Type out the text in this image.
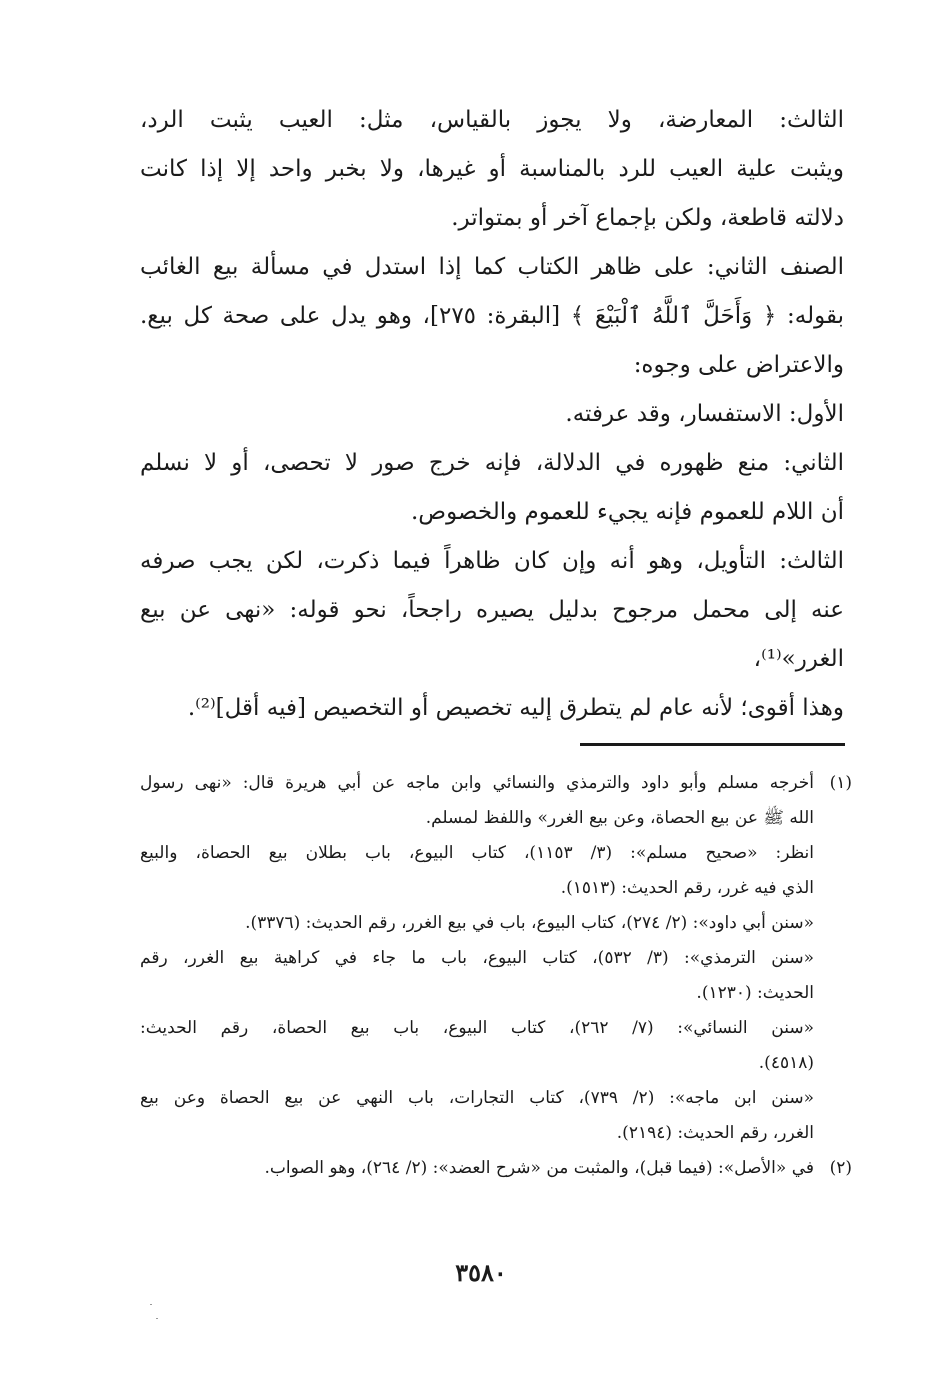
الثالث: المعارضة، ولا يجوز بالقياس، مثل: العيب يثبت الرد،

ويثبت علية العيب للرد بالمناسبة أو غيرها، ولا بخبر واحد إلا إذا كانت

دلالته قاطعة، ولكن بإجماع آخر أو بمتواتر.

الصنف الثاني: على ظاهر الكتاب كما إذا استدل في مسألة بيع الغائب

بقوله: ﴿ وَأَحَلَّ ٱللَّهُ ٱلْبَيْعَ ﴾ [البقرة: ٢٧٥]، وهو يدل على صحة كل بيع.

والاعتراض على وجوه:

الأول: الاستفسار، وقد عرفته.

الثاني: منع ظهوره في الدلالة، فإنه خرج صور لا تحصى، أو لا نسلم

أن اللام للعموم فإنه يجيء للعموم والخصوص.

الثالث: التأويل، وهو أنه وإن كان ظاهراً فيما ذكرت، لكن يجب صرفه

عنه إلى محمل مرجوح بدليل يصيره راجحاً، نحو قوله: «نهى عن بيع الغرر»⁽¹⁾،

وهذا أقوى؛ لأنه عام لم يتطرق إليه تخصيص أو التخصيص [فيه أقل]⁽²⁾.

(١)

أخرجه مسلم وأبو داود والترمذي والنسائي وابن ماجه عن أبي هريرة قال: «نهى رسول

الله ﷺ عن بيع الحصاة، وعن بيع الغرر» واللفظ لمسلم.

انظر: «صحيح مسلم»: (٣/ ١١٥٣)، كتاب البيوع، باب بطلان بيع الحصاة، والبيع

الذي فيه غرر، رقم الحديث: (١٥١٣).

«سنن أبي داود»: (٢/ ٢٧٤)، كتاب البيوع، باب في بيع الغرر، رقم الحديث: (٣٣٧٦).

«سنن الترمذي»: (٣/ ٥٣٢)، كتاب البيوع، باب ما جاء في كراهية بيع الغرر، رقم

الحديث: (١٢٣٠).

«سنن النسائي»: (٧/ ٢٦٢)، كتاب البيوع، باب بيع الحصاة، رقم الحديث:

(٤٥١٨).

«سنن ابن ماجه»: (٢/ ٧٣٩)، كتاب التجارات، باب النهي عن بيع الحصاة وعن بيع

الغرر، رقم الحديث: (٢١٩٤).

(٢)

في «الأصل»: (فيما قبل)، والمثبت من «شرح العضد»: (٢/ ٢٦٤)، وهو الصواب.

٣٥٨٠
